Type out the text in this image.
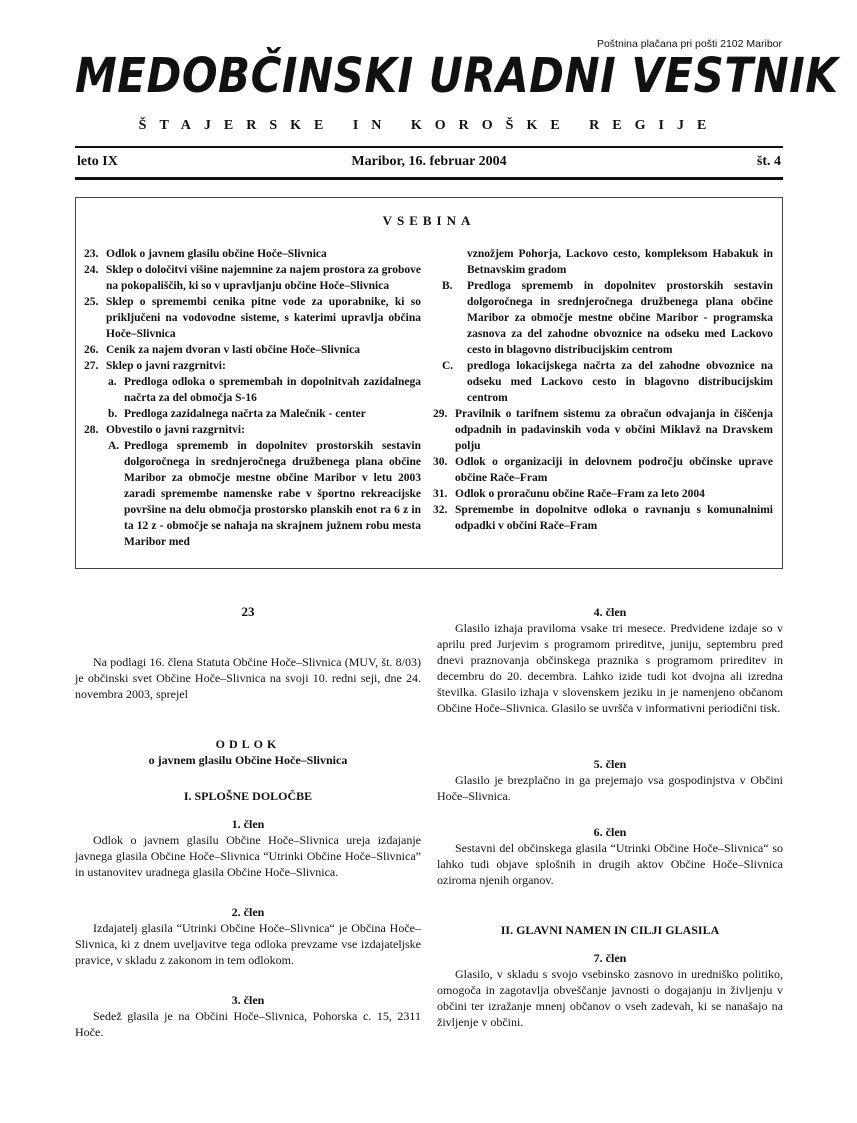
Poštnina plačana pri pošti 2102 Maribor
MEDOBČINSKI URADNI VESTNIK
ŠTAJERSKE IN KOROŠKE REGIJE
leto IX	Maribor, 16. februar 2004	št. 4
VSEBINA
23. Odlok o javnem glasilu občine Hoče–Slivnica
24. Sklep o določitvi višine najemnine za najem prostora za grobove na pokopališčih, ki so v upravljanju občine Hoče–Slivnica
25. Sklep o spremembi cenika pitne vode za uporabnike, ki so priključeni na vodovodne sisteme, s katerimi upravlja občina Hoče–Slivnica
26. Cenik za najem dvoran v lasti občine Hoče–Slivnica
27. Sklep o javni razgrnitvi:
a. Predloga odloka o spremembah in dopolnitvah zazidalnega načrta za del območja S-16
b. Predloga zazidalnega načrta za Malečnik - center
28. Obvestilo o javni razgrnitvi:
A. Predloga sprememb in dopolnitev prostorskih sestavin dolgoročnega in srednjeročnega družbenega plana občine Maribor za območje mestne občine Maribor v letu 2003 zaradi spremembe namenske rabe v športno rekreacijske površine na delu območja prostorsko planskih enot ra 6 z in ta 12 z - območje se nahaja na skrajnem južnem robu mesta Maribor med
vznožjem Pohorja, Lackovo cesto, kompleksom Habakuk in Betnavskim gradom
B. Predloga sprememb in dopolnitev prostorskih sestavin dolgoročnega in srednjeročnega družbenega plana občine Maribor za območje mestne občine Maribor - programska zasnova za del zahodne obvoznice na odseku med Lackovo cesto in blagovno distribucijskim centrom
C. predloga lokacijskega načrta za del zahodne obvoznice na odseku med Lackovo cesto in blagovno distribucijskim centrom
29. Pravilnik o tarifnem sistemu za obračun odvajanja in čiščenja odpadnih in padavinskih voda v občini Miklavž na Dravskem polju
30. Odlok o organizaciji in delovnem področju občinske uprave občine Rače–Fram
31. Odlok o proračunu občine Rače–Fram za leto 2004
32. Spremembe in dopolnitve odloka o ravnanju s komunalnimi odpadki v občini Rače–Fram
23
Na podlagi 16. člena Statuta Občine Hoče–Slivnica (MUV, št. 8/03) je občinski svet Občine Hoče–Slivnica na svoji 10. redni seji, dne 24. novembra 2003, sprejel
ODLOK
o javnem glasilu Občine Hoče–Slivnica
I. SPLOŠNE DOLOČBE
1. člen
Odlok o javnem glasilu Občine Hoče–Slivnica ureja izdajanje javnega glasila Občine Hoče–Slivnica “Utrinki Občine Hoče–Slivnica” in ustanovitev uradnega glasila Občine Hoče–Slivnica.
2. člen
Izdajatelj glasila “Utrinki Občine Hoče–Slivnica“ je Občina Hoče–Slivnica, ki z dnem uveljavitve tega odloka prevzame vse izdajateljske pravice, v skladu z zakonom in tem odlokom.
3. člen
Sedež glasila je na Občini Hoče–Slivnica, Pohorska c. 15, 2311 Hoče.
4. člen
Glasilo izhaja praviloma vsake tri mesece. Predvidene izdaje so v aprilu pred Jurjevim s programom prireditve, juniju, septembru pred dnevi praznovanja občinskega praznika s programom prireditev in decembru do 20. decembra. Lahko izide tudi kot dvojna ali izredna številka. Glasilo izhaja v slovenskem jeziku in je namenjeno občanom Občine Hoče–Slivnica. Glasilo se uvršča v informativni periodični tisk.
5. člen
Glasilo je brezplačno in ga prejemajo vsa gospodinjstva v Občini Hoče–Slivnica.
6. člen
Sestavni del občinskega glasila “Utrinki Občine Hoče–Slivnica“ so lahko tudi objave splošnih in drugih aktov Občine Hoče–Slivnica oziroma njenih organov.
II. GLAVNI NAMEN IN CILJI GLASILA
7. člen
Glasilo, v skladu s svojo vsebinsko zasnovo in uredniško politiko, omogoča in zagotavlja obveščanje javnosti o dogajanju in življenju v občini ter izražanje mnenj občanov o vseh zadevah, ki se nanašajo na življenje v občini.
